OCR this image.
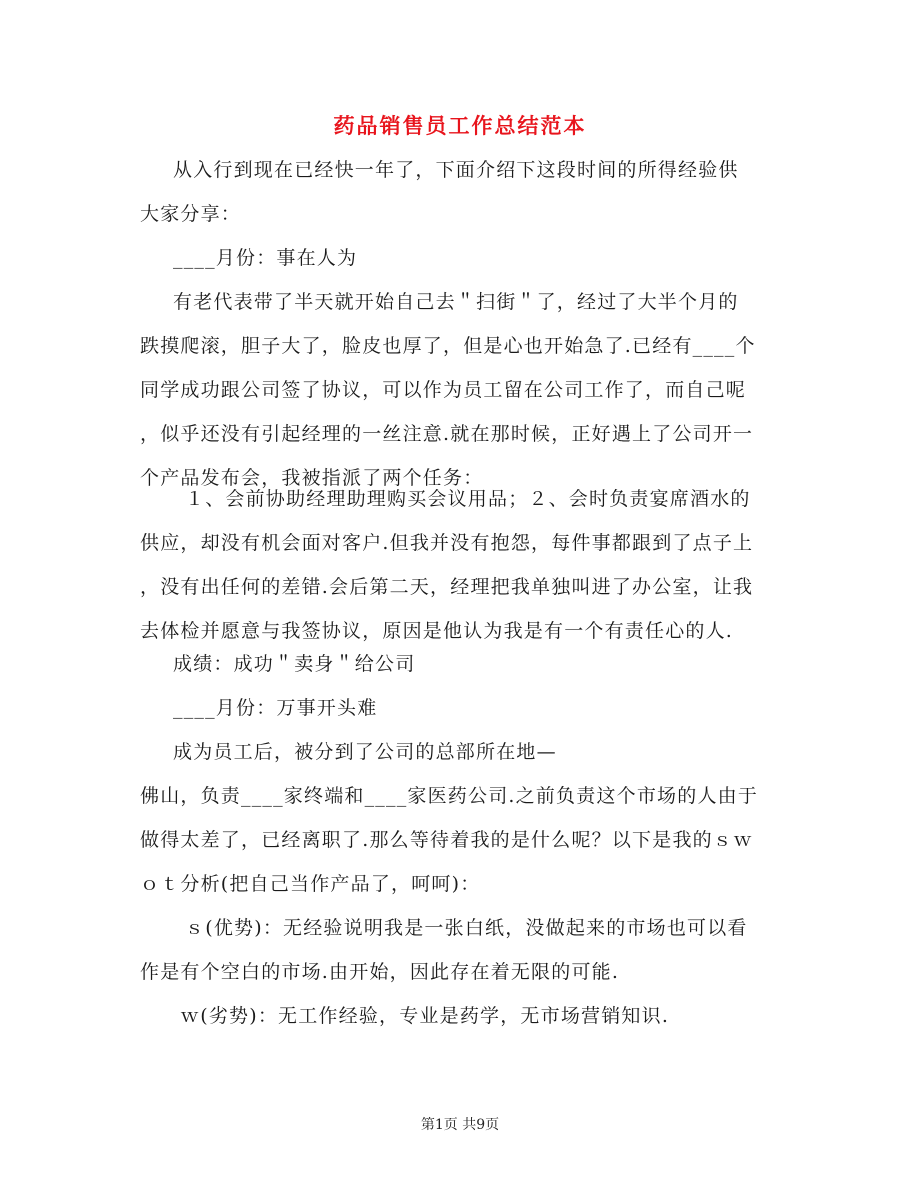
药品销售员工作总结范本
从入行到现在已经快一年了，下面介绍下这段时间的所得经验供
大家分享：
____月份：事在人为
有老代表带了半天就开始自己去＂扫街＂了，经过了大半个月的
跌摸爬滚，胆子大了，脸皮也厚了，但是心也开始急了.已经有____个
同学成功跟公司签了协议，可以作为员工留在公司工作了，而自己呢
，似乎还没有引起经理的一丝注意.就在那时候，正好遇上了公司开一
个产品发布会，我被指派了两个任务：
１、会前协助经理助理购买会议用品；２、会时负责宴席酒水的
供应，却没有机会面对客户.但我并没有抱怨，每件事都跟到了点子上
，没有出任何的差错.会后第二天，经理把我单独叫进了办公室，让我
去体检并愿意与我签协议，原因是他认为我是有一个有责任心的人.
成绩：成功＂卖身＂给公司
____月份：万事开头难
成为员工后，被分到了公司的总部所在地—
佛山，负责____家终端和____家医药公司.之前负责这个市场的人由于
做得太差了，已经离职了.那么等待着我的是什么呢？以下是我的ｓｗ
ｏｔ分析(把自己当作产品了，呵呵)：
ｓ(优势)：无经验说明我是一张白纸，没做起来的市场也可以看
作是有个空白的市场.由开始，因此存在着无限的可能.
ｗ(劣势)：无工作经验，专业是药学，无市场营销知识.
第1页 共9页
